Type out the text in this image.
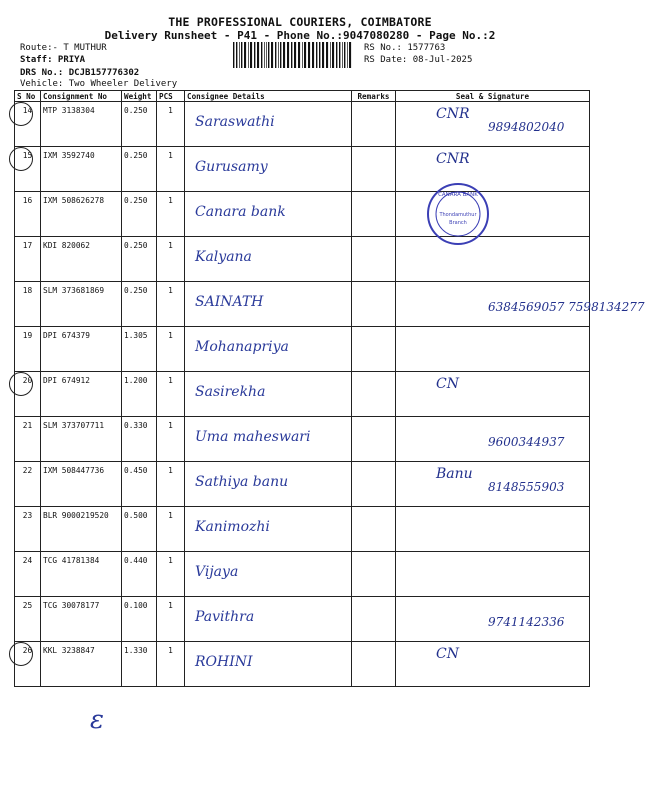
THE PROFESSIONAL COURIERS, COIMBATORE
Delivery Runsheet - P41 - Phone No.:9047080280 - Page No.:2
Route:- T MUTHUR
Staff: PRIYA
DRS No.: DCJB157776302
Vehicle: Two Wheeler Delivery
RS No.: 1577763
RS Date: 08-Jul-2025
S No	Consignment No	Weight	PCS	Consignee Details	Remarks	Seal & Signature

14	MTP 3138304	0.250	1	Saraswathi		CNR
9894802040

15	IXM 3592740	0.250	1	Gurusamy		CNR

16	IXM 508626278	0.250	1	Canara bank		

17	KDI 820062	0.250	1	Kalyana		

18	SLM 373681869	0.250	1	SAINATH		6384569057 7598134277

19	DPI 674379	1.305	1	Mohanapriya		

20	DPI 674912	1.200	1	Sasirekha		CN

21	SLM 373707711	0.330	1	Uma maheswari		9600344937

22	IXM 508447736	0.450	1	Sathiya banu		Banu
8148555903

23	BLR 9000219520	0.500	1	Kanimozhi		

24	TCG 41781384	0.440	1	Vijaya		

25	TCG 30078177	0.100	1	Pavithra		9741142336

26	KKL 3238847	1.330	1	ROHINI		CN
CANARA BANK
Thondamuthur
Branch
ε
